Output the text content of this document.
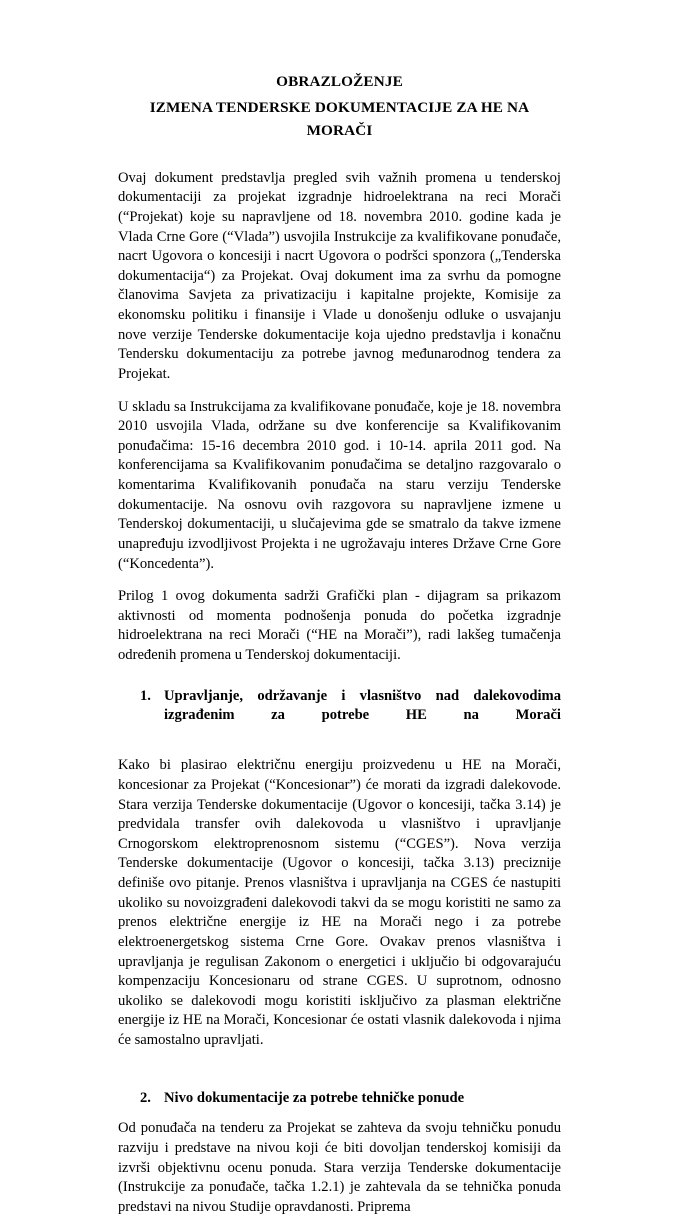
OBRAZLOŽENJE
IZMENA TENDERSKE DOKUMENTACIJE ZA HE NA MORAČI

Ovaj dokument predstavlja pregled svih važnih promena u tenderskoj dokumentaciji za projekat izgradnje hidroelektrana na reci Morači (“Projekat) koje su napravljene od 18. novembra 2010. godine kada je Vlada Crne Gore (“Vlada”) usvojila Instrukcije za kvalifikovane ponuđače, nacrt Ugovora o koncesiji i nacrt Ugovora o podršci sponzora („Tenderska dokumentacija“) za Projekat. Ovaj dokument ima za svrhu da pomogne članovima Savjeta za privatizaciju i kapitalne projekte, Komisije za ekonomsku politiku i finansije i Vlade u donošenju odluke o usvajanju nove verzije Tenderske dokumentacije koja ujedno predstavlja i konačnu Tendersku dokumentaciju za potrebe javnog međunarodnog tendera za Projekat.

U skladu sa Instrukcijama za kvalifikovane ponuđače, koje je 18. novembra 2010 usvojila Vlada, održane su dve konferencije sa Kvalifikovanim ponuđačima: 15-16 decembra 2010 god. i 10-14. aprila 2011 god. Na konferencijama sa Kvalifikovanim ponuđačima se detaljno razgovaralo o komentarima Kvalifikovanih ponuđača na staru verziju Tenderske dokumentacije. Na osnovu ovih razgovora su napravljene izmene u Tenderskoj dokumentaciji, u slučajevima gde se smatralo da takve izmene unapređuju izvodljivost Projekta i ne ugrožavaju interes Države Crne Gore (“Koncedenta”).

Prilog 1 ovog dokumenta sadrži Grafički plan - dijagram sa prikazom aktivnosti od momenta podnošenja ponuda do početka izgradnje hidroelektrana na reci Morači (“HE na Morači”), radi lakšeg tumačenja određenih promena u Tenderskoj dokumentaciji.

1. Upravljanje, održavanje i vlasništvo nad dalekovodima izgrađenim za potrebe HE na Morači

Kako bi plasirao električnu energiju proizvedenu u HE na Morači, koncesionar za Projekat (“Koncesionar”) će morati da izgradi dalekovode. Stara verzija Tenderske dokumentacije (Ugovor o koncesiji, tačka 3.14) je predvidala transfer ovih dalekovoda u vlasništvo i upravljanje Crnogorskom elektroprenosnom sistemu (“CGES”). Nova verzija Tenderske dokumentacije (Ugovor o koncesiji, tačka 3.13) preciznije definiše ovo pitanje. Prenos vlasništva i upravljanja na CGES će nastupiti ukoliko su novoizgrađeni dalekovodi takvi da se mogu koristiti ne samo za prenos električne energije iz HE na Morači nego i za potrebe elektroenergetskog sistema Crne Gore. Ovakav prenos vlasništva i upravljanja je regulisan Zakonom o energetici i uključio bi odgovarajuću kompenzaciju Koncesionaru od strane CGES. U suprotnom, odnosno ukoliko se dalekovodi mogu koristiti isključivo za plasman električne energije iz HE na Morači, Koncesionar će ostati vlasnik dalekovoda i njima će samostalno upravljati.

2. Nivo dokumentacije za potrebe tehničke ponude

Od ponuđača na tenderu za Projekat se zahteva da svoju tehničku ponudu razviju i predstave na nivou koji će biti dovoljan tenderskoj komisiji da izvrši objektivnu ocenu ponuda. Stara verzija Tenderske dokumentacije (Instrukcije za ponuđače, tačka 1.2.1) je zahtevala da se tehnička ponuda predstavi na nivou Studije opravdanosti. Priprema
